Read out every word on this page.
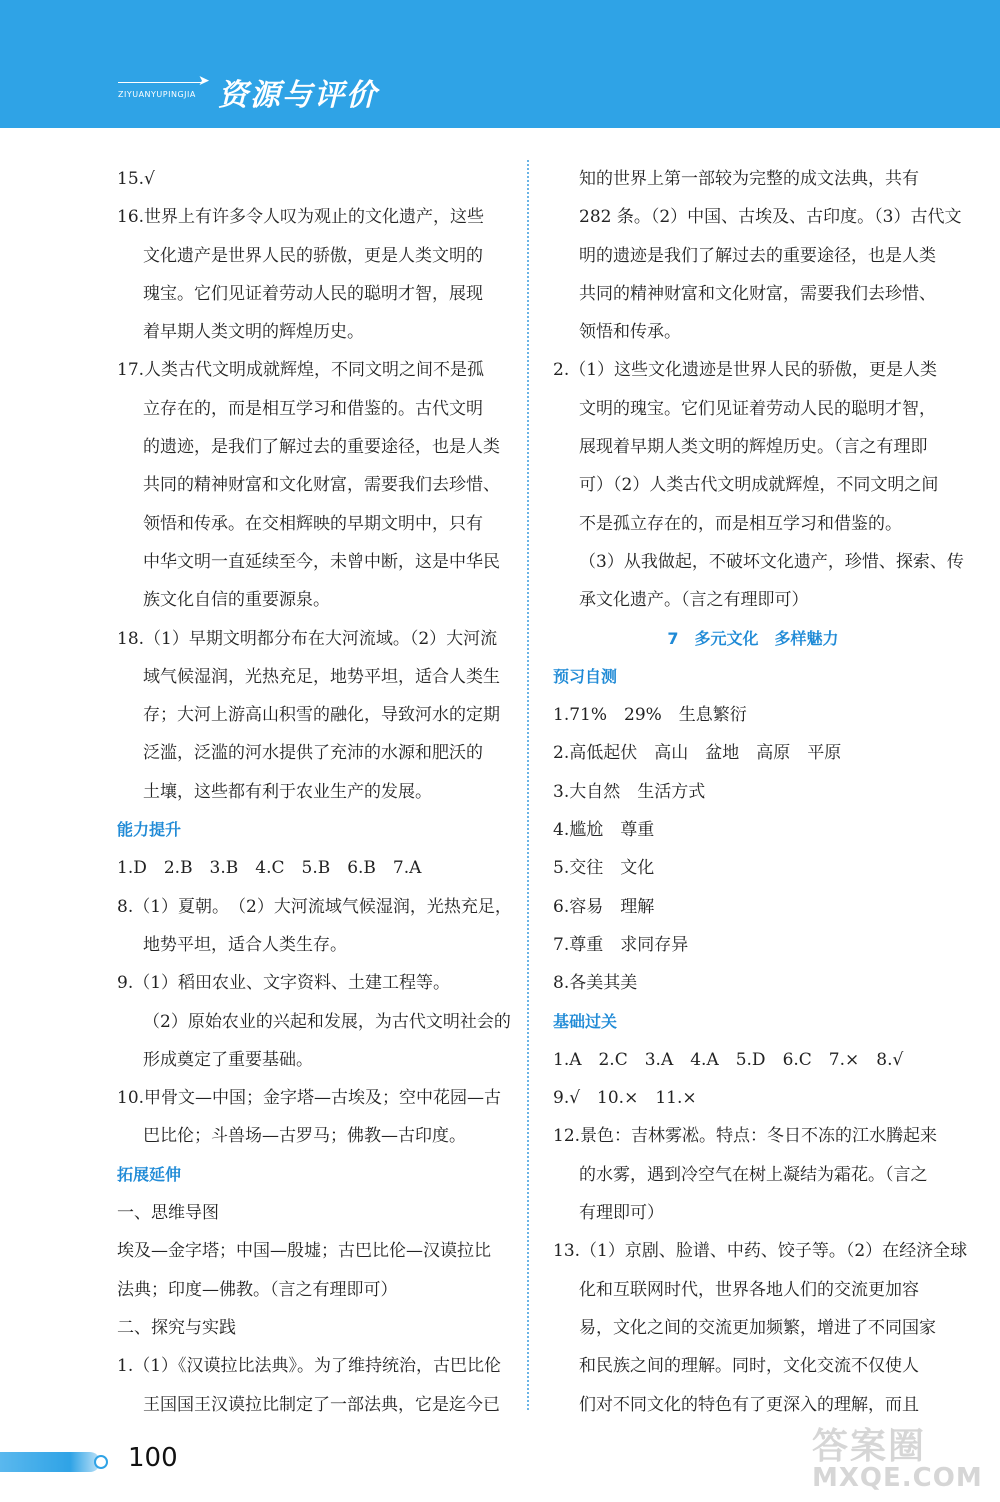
ZIYUANYUPINGJIA
➤ 资源与评价
15.√
16.世界上有许多令人叹为观止的文化遗产，这些
文化遗产是世界人民的骄傲，更是人类文明的
瑰宝。它们见证着劳动人民的聪明才智，展现
着早期人类文明的辉煌历史。
17.人类古代文明成就辉煌，不同文明之间不是孤
立存在的，而是相互学习和借鉴的。古代文明
的遗迹，是我们了解过去的重要途径，也是人类
共同的精神财富和文化财富，需要我们去珍惜、
领悟和传承。在交相辉映的早期文明中，只有
中华文明一直延续至今，未曾中断，这是中华民
族文化自信的重要源泉。
18.（1）早期文明都分布在大河流域。（2）大河流
域气候湿润，光热充足，地势平坦，适合人类生
存；大河上游高山积雪的融化，导致河水的定期
泛滥，泛滥的河水提供了充沛的水源和肥沃的
土壤，这些都有利于农业生产的发展。
能力提升
1.D　2.B　3.B　4.C　5.B　6.B　7.A
8.（1）夏朝。　（2）大河流域气候湿润，光热充足，
地势平坦，适合人类生存。
9.（1）稻田农业、文字资料、土建工程等。
（2）原始农业的兴起和发展，为古代文明社会的
形成奠定了重要基础。
10.甲骨文—中国；金字塔—古埃及；空中花园—古
巴比伦；斗兽场—古罗马；佛教—古印度。
拓展延伸
一、思维导图
埃及—金字塔；中国—殷墟；古巴比伦—汉谟拉比
法典；印度—佛教。（言之有理即可）
二、探究与实践
1.（1）《汉谟拉比法典》。为了维持统治，古巴比伦
王国国王汉谟拉比制定了一部法典，它是迄今已
知的世界上第一部较为完整的成文法典，共有
282 条。（2）中国、古埃及、古印度。（3）古代文
明的遗迹是我们了解过去的重要途径，也是人类
共同的精神财富和文化财富，需要我们去珍惜、
领悟和传承。
2.（1）这些文化遗迹是世界人民的骄傲，更是人类
文明的瑰宝。它们见证着劳动人民的聪明才智，
展现着早期人类文明的辉煌历史。（言之有理即
可）（2）人类古代文明成就辉煌，不同文明之间
不是孤立存在的，而是相互学习和借鉴的。
（3）从我做起，不破坏文化遗产，珍惜、探索、传
承文化遗产。（言之有理即可）
7　多元文化　多样魅力
预习自测
1.71%　29%　生息繁衍
2.高低起伏　高山　盆地　高原　平原
3.大自然　生活方式
4.尴尬　尊重
5.交往　文化
6.容易　理解
7.尊重　求同存异
8.各美其美
基础过关
1.A　2.C　3.A　4.A　5.D　6.C　7.×　8.√
9.√　10.×　11.×
12.景色：吉林雾凇。特点：冬日不冻的江水腾起来
的水雾，遇到冷空气在树上凝结为霜花。（言之
有理即可）
13.（1）京剧、脸谱、中药、饺子等。（2）在经济全球
化和互联网时代，世界各地人们的交流更加容
易，文化之间的交流更加频繁，增进了不同国家
和民族之间的理解。同时，文化交流不仅使人
们对不同文化的特色有了更深入的理解，而且
100	答案圈
MXQE.COM
